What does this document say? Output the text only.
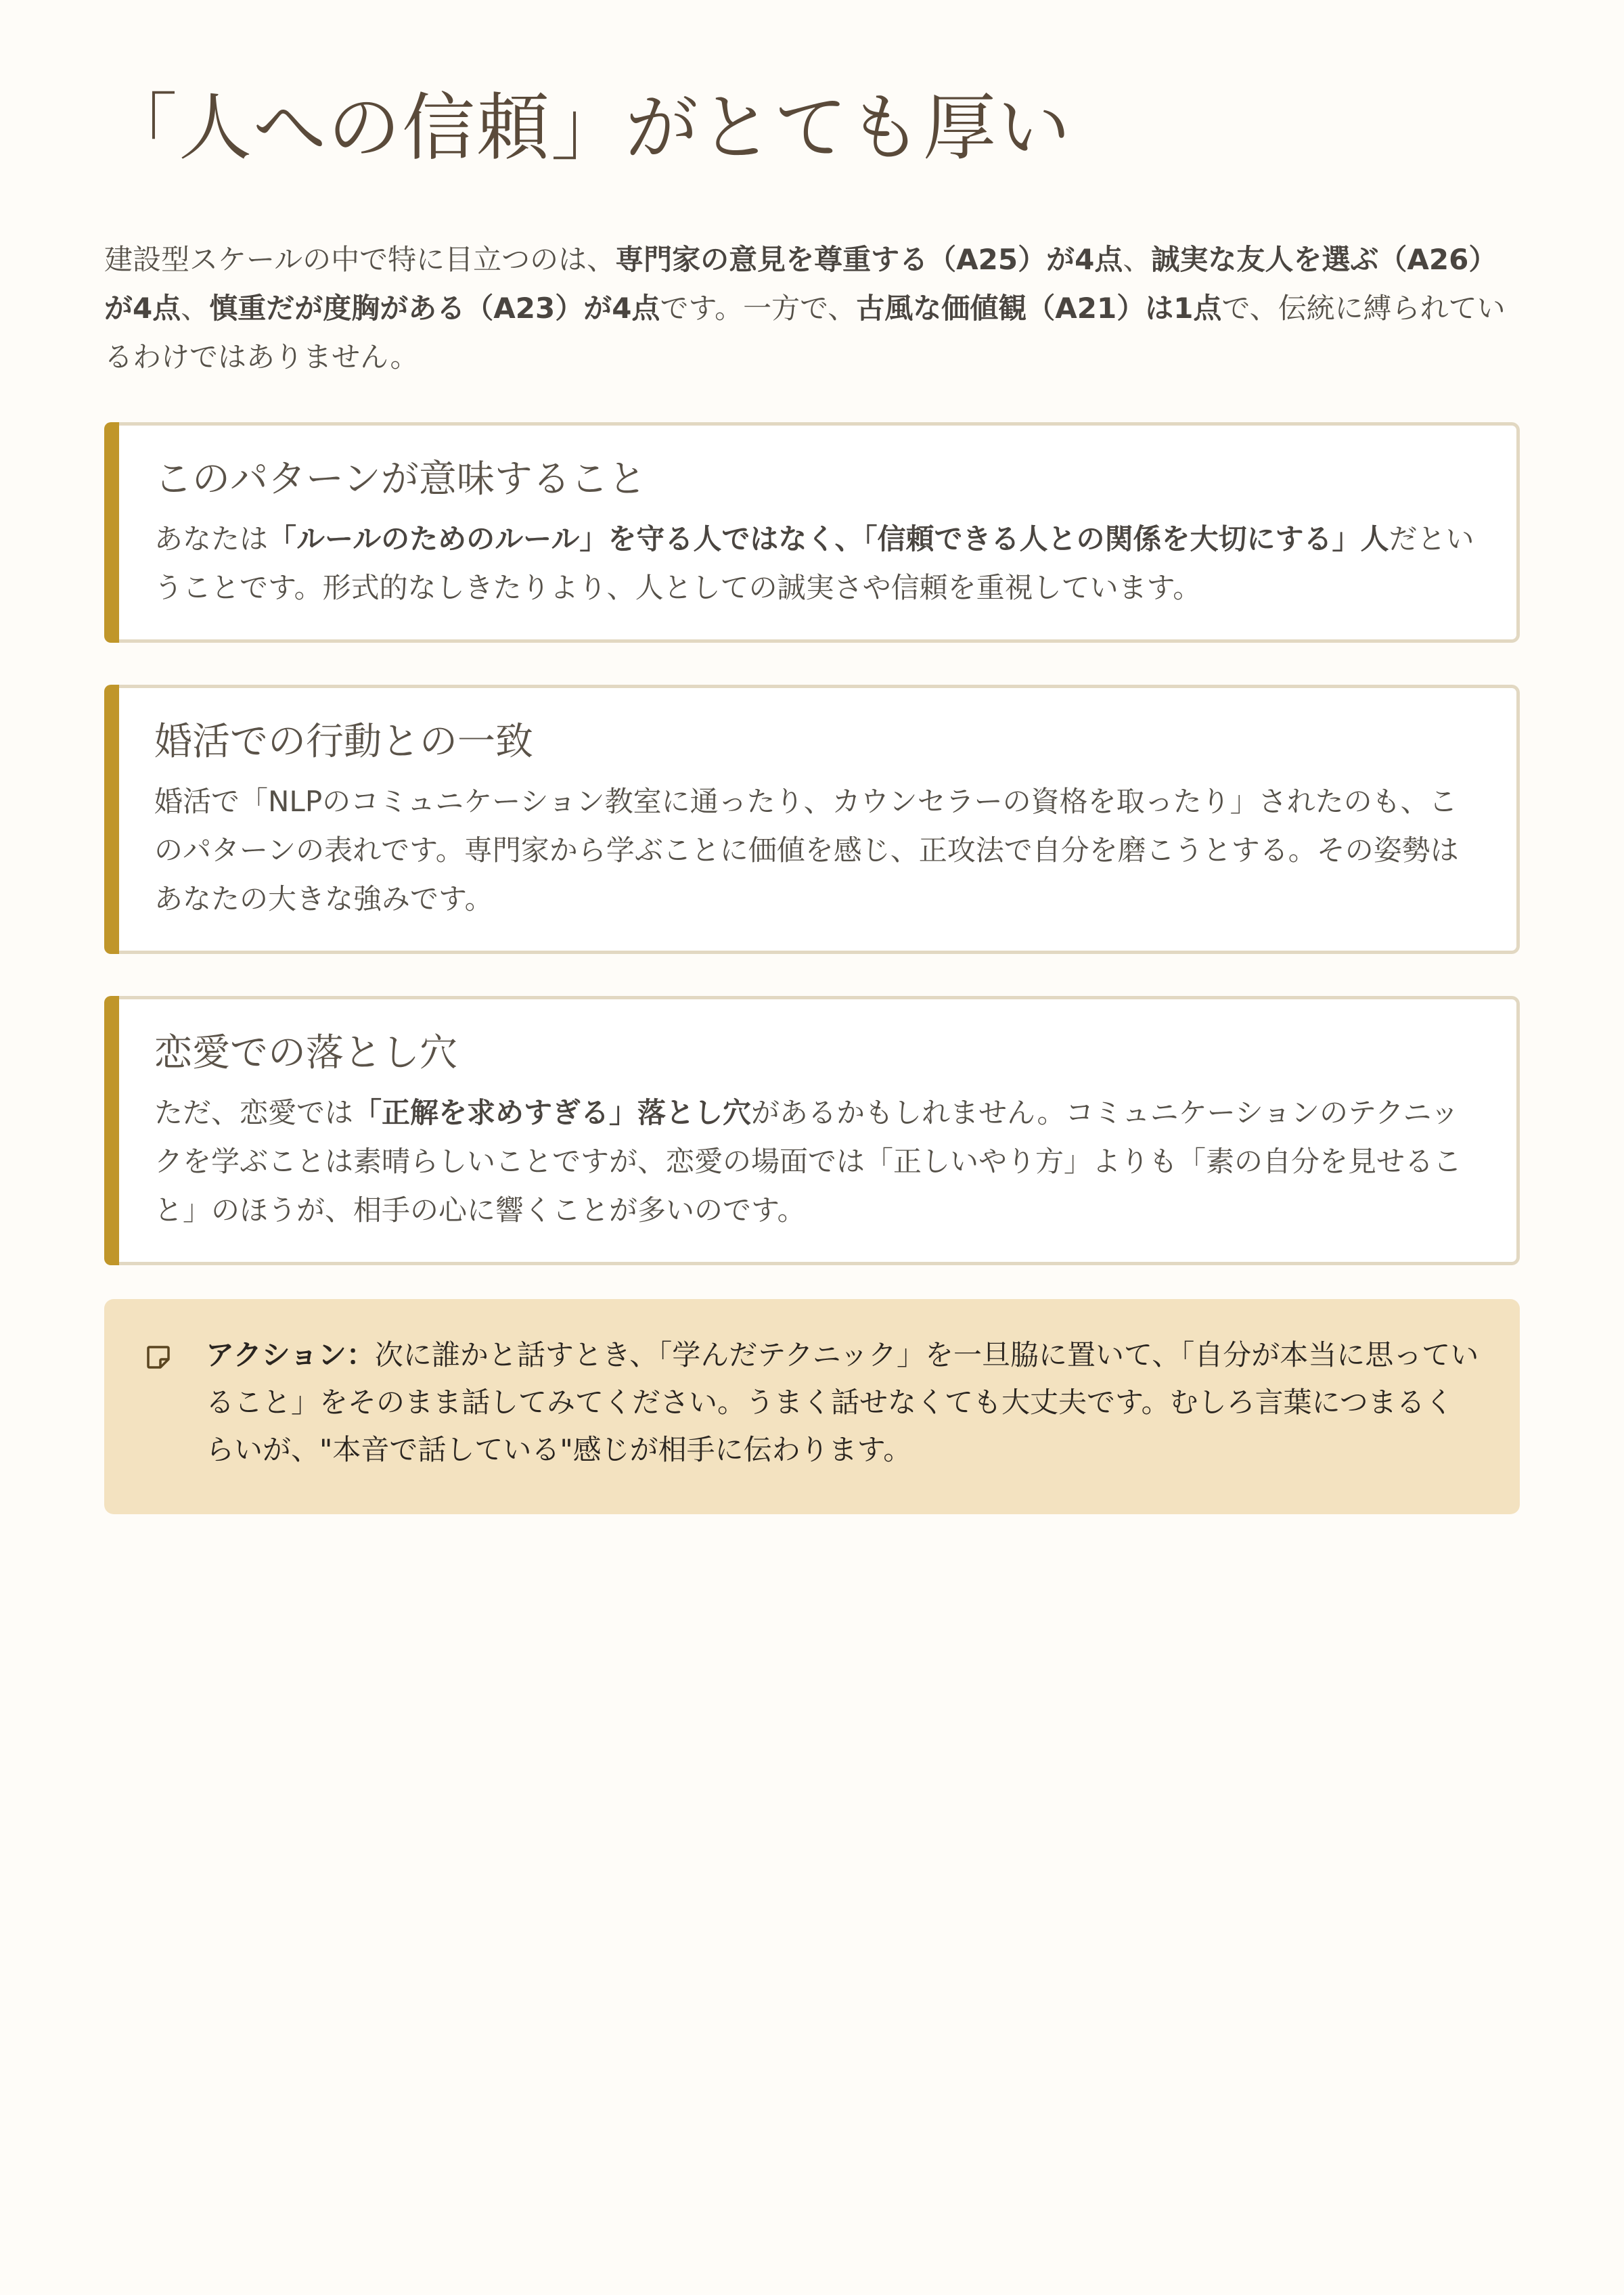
「人への信頼」がとても厚い

建設型スケールの中で特に目立つのは、専門家の意見を尊重する（A25）が4点、誠実な友人を選ぶ（A26）が4点、慎重だが度胸がある（A23）が4点です。一方で、古風な価値観（A21）は1点で、伝統に縛られているわけではありません。

このパターンが意味すること
あなたは「ルールのためのルール」を守る人ではなく、「信頼できる人との関係を大切にする」人だということです。形式的なしきたりより、人としての誠実さや信頼を重視しています。
婚活での行動との一致
婚活で「NLPのコミュニケーション教室に通ったり、カウンセラーの資格を取ったり」されたのも、このパターンの表れです。専門家から学ぶことに価値を感じ、正攻法で自分を磨こうとする。その姿勢はあなたの大きな強みです。
恋愛での落とし穴
ただ、恋愛では「正解を求めすぎる」落とし穴があるかもしれません。コミュニケーションのテクニックを学ぶことは素晴らしいことですが、恋愛の場面では「正しいやり方」よりも「素の自分を見せること」のほうが、相手の心に響くことが多いのです。
アクション：次に誰かと話すとき、「学んだテクニック」を一旦脇に置いて、「自分が本当に思っていること」をそのまま話してみてください。うまく話せなくても大丈夫です。むしろ言葉につまるくらいが、"本音で話している"感じが相手に伝わります。
